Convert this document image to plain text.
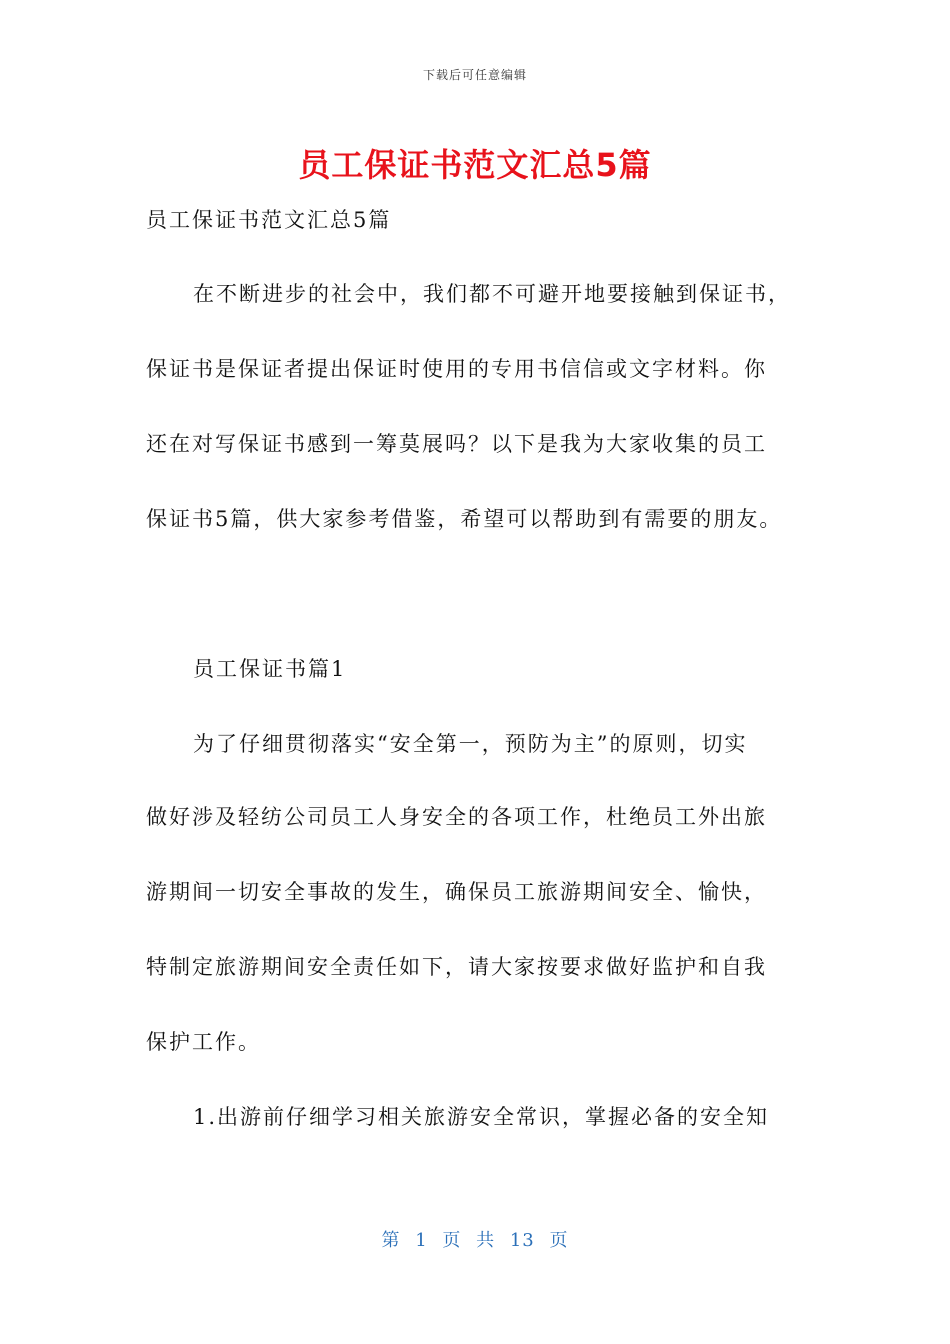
下载后可任意编辑
员工保证书范文汇总5篇
员工保证书范文汇总5篇
在不断进步的社会中，我们都不可避开地要接触到保证书，
保证书是保证者提出保证时使用的专用书信信或文字材料。你
还在对写保证书感到一筹莫展吗？以下是我为大家收集的员工
保证书5篇，供大家参考借鉴，希望可以帮助到有需要的朋友。
员工保证书篇1
为了仔细贯彻落实“安全第一，预防为主”的原则，切实
做好涉及轻纺公司员工人身安全的各项工作，杜绝员工外出旅
游期间一切安全事故的发生，确保员工旅游期间安全、愉快，
特制定旅游期间安全责任如下，请大家按要求做好监护和自我
保护工作。
1.出游前仔细学习相关旅游安全常识，掌握必备的安全知
第 1 页 共 13 页
